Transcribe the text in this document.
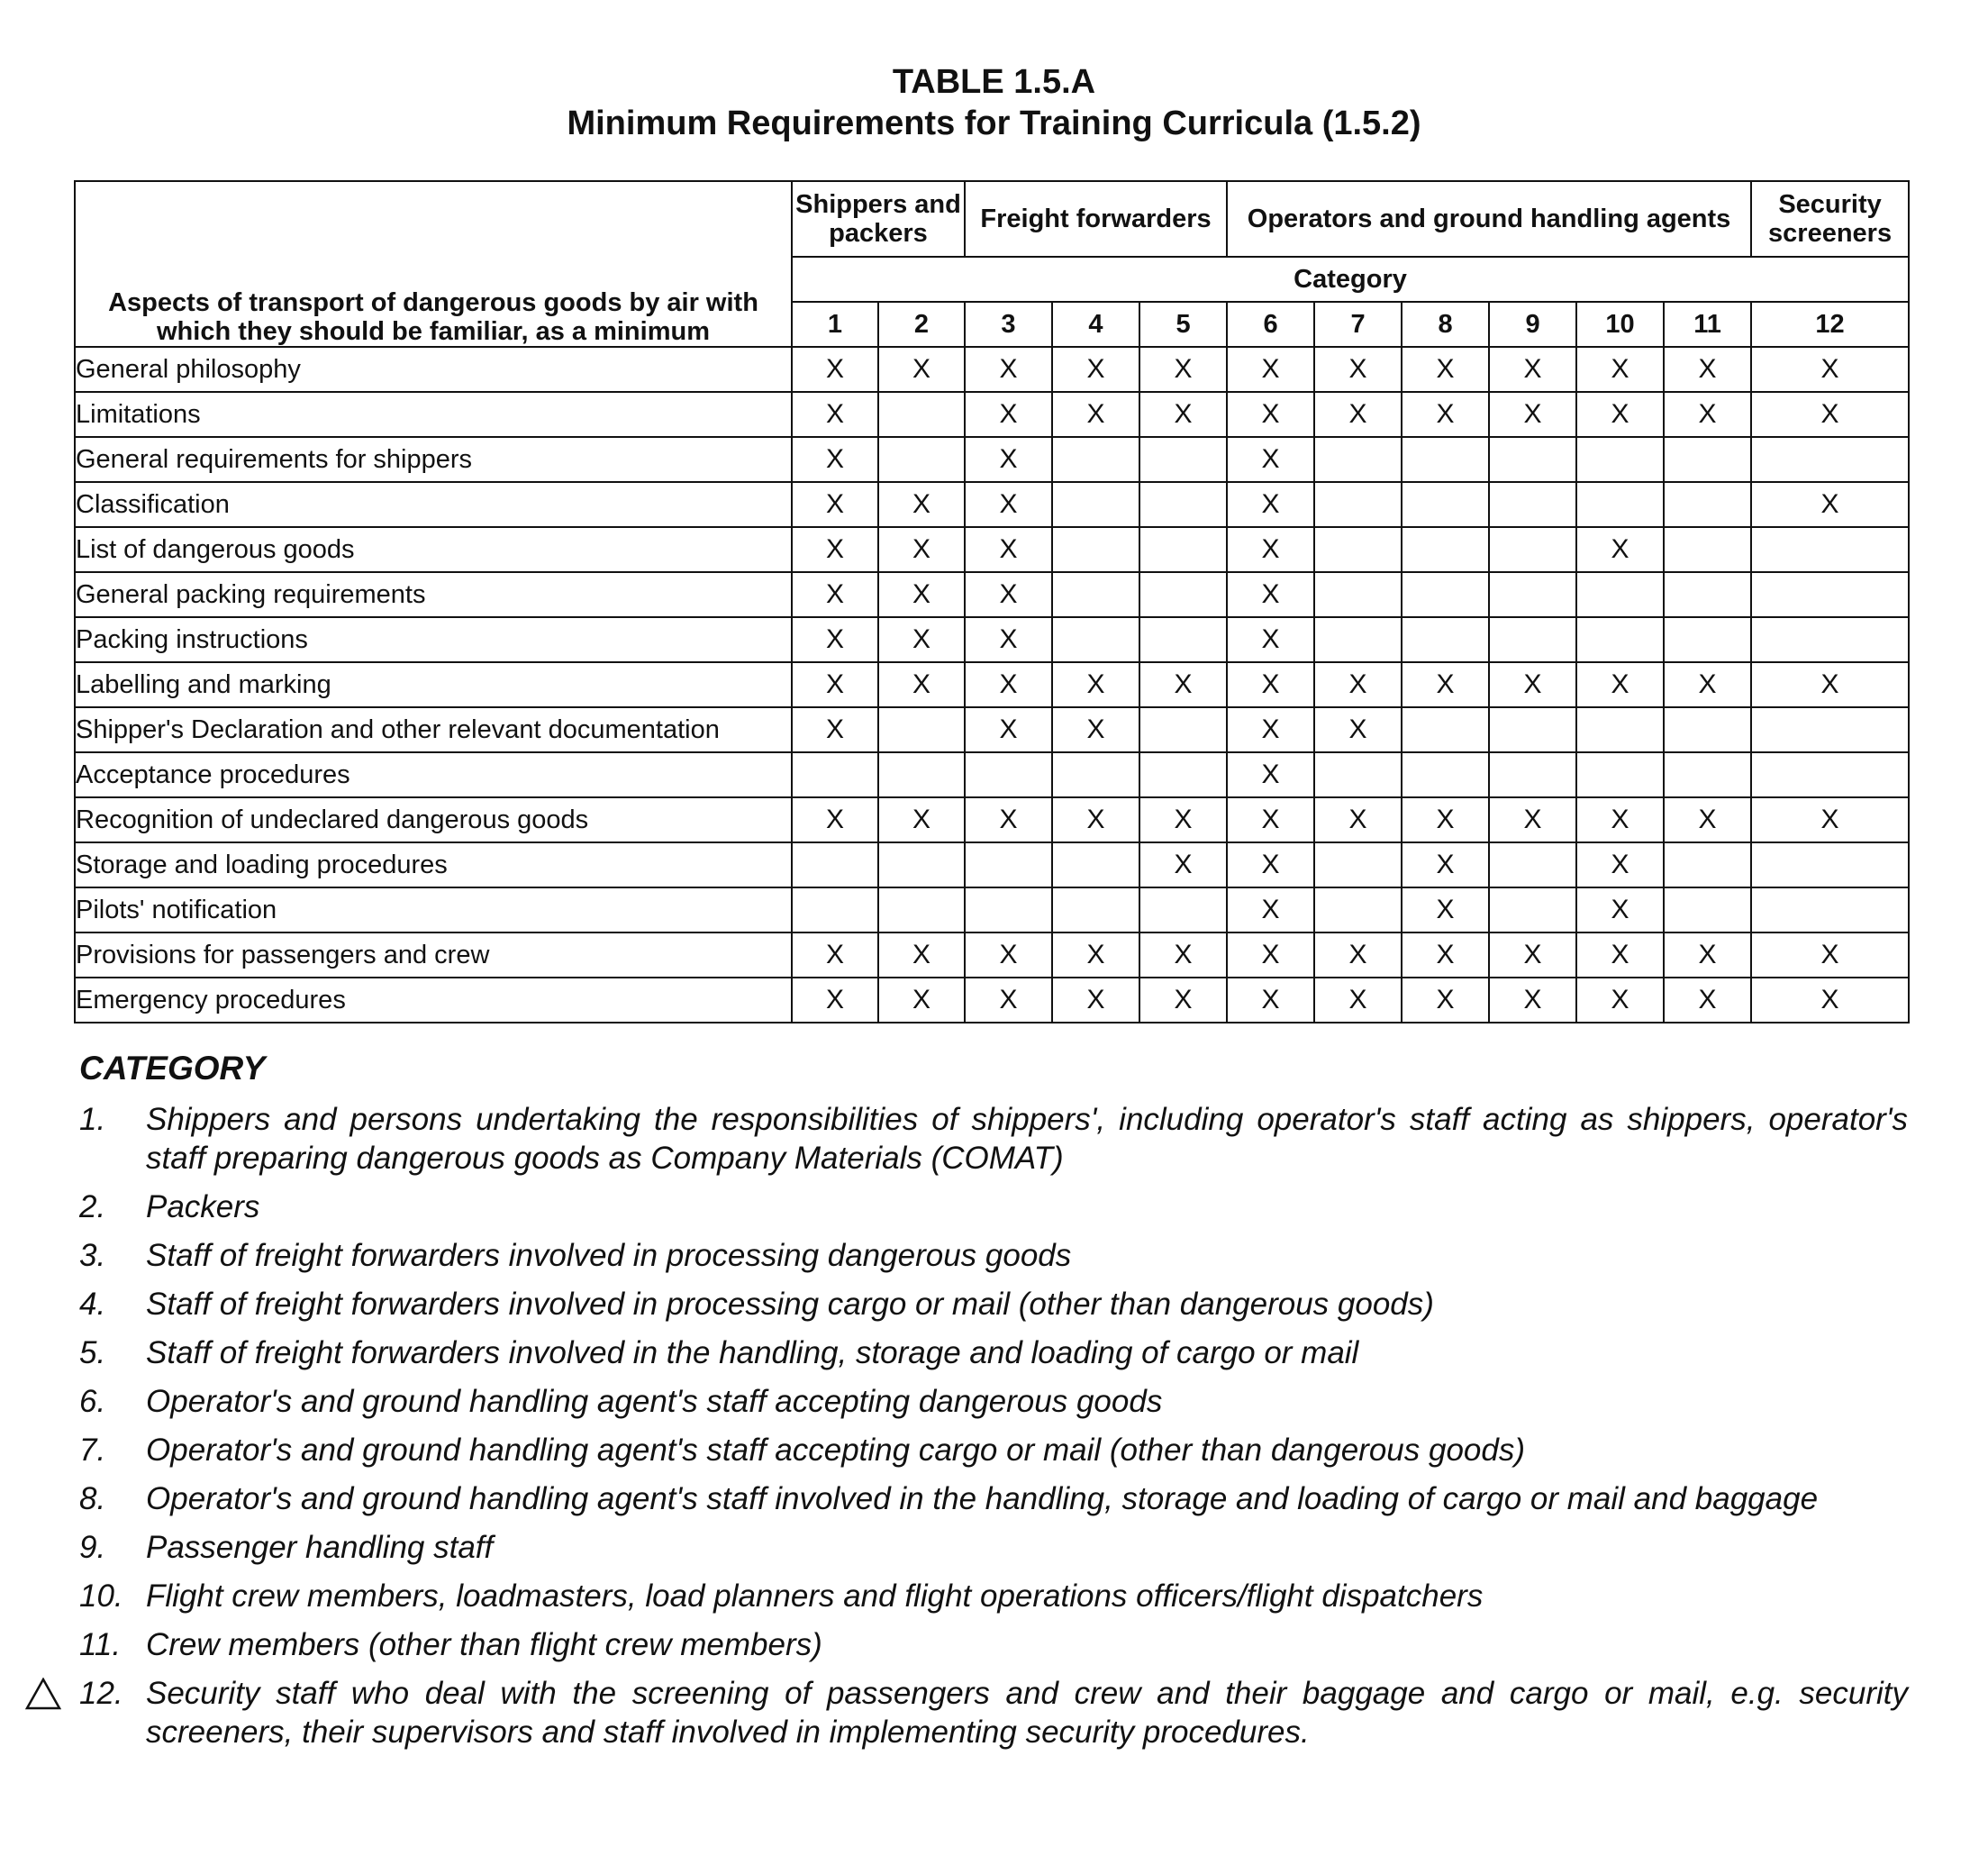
TABLE 1.5.A
Minimum Requirements for Training Curricula (1.5.2)
Aspects of transport of dangerous goods by air with which they should be familiar, as a minimum	Shippers and packers		Freight forwarders			Operators and ground handling agents						Security screeners
	Category											
	1	2	3	4	5	6	7	8	9	10	11	12
General philosophy	X	X	X	X	X	X	X	X	X	X	X	X
Limitations	X		X	X	X	X	X	X	X	X	X	X
General requirements for shippers	X		X			X						
Classification	X	X	X			X						X
List of dangerous goods	X	X	X			X				X		
General packing requirements	X	X	X			X						
Packing instructions	X	X	X			X						
Labelling and marking	X	X	X	X	X	X	X	X	X	X	X	X
Shipper's Declaration and other relevant documentation	X		X	X		X	X					
Acceptance procedures						X						
Recognition of undeclared dangerous goods	X	X	X	X	X	X	X	X	X	X	X	X
Storage and loading procedures					X	X		X		X		
Pilots' notification						X		X		X		
Provisions for passengers and crew	X	X	X	X	X	X	X	X	X	X	X	X
Emergency procedures	X	X	X	X	X	X	X	X	X	X	X	X
CATEGORY
1.	Shippers and persons undertaking the responsibilities of shippers', including operator's staff acting as shippers, operator's staff preparing dangerous goods as Company Materials (COMAT)
2.	Packers
3.	Staff of freight forwarders involved in processing dangerous goods
4.	Staff of freight forwarders involved in processing cargo or mail (other than dangerous goods)
5.	Staff of freight forwarders involved in the handling, storage and loading of cargo or mail
6.	Operator's and ground handling agent's staff accepting dangerous goods
7.	Operator's and ground handling agent's staff accepting cargo or mail (other than dangerous goods)
8.	Operator's and ground handling agent's staff involved in the handling, storage and loading of cargo or mail and baggage
9.	Passenger handling staff
10. Flight crew members, loadmasters, load planners and flight operations officers/flight dispatchers
11. Crew members (other than flight crew members)
12. Security staff who deal with the screening of passengers and crew and their baggage and cargo or mail, e.g. security screeners, their supervisors and staff involved in implementing security procedures.
